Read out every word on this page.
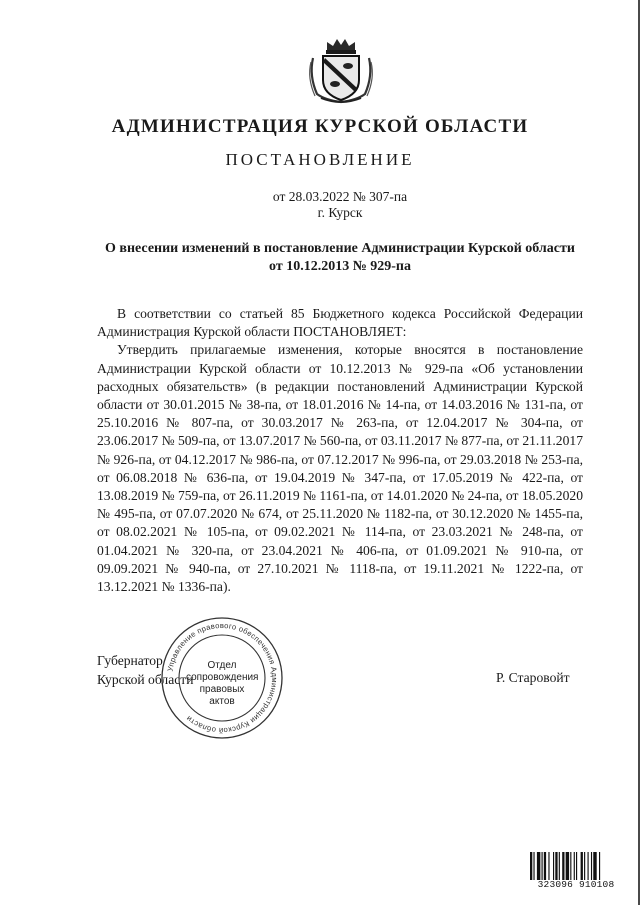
АДМИНИСТРАЦИЯ КУРСКОЙ ОБЛАСТИ
ПОСТАНОВЛЕНИЕ
от 28.03.2022 № 307-па
г. Курск
О внесении изменений в постановление Администрации Курской области от 10.12.2013 № 929-па

В соответствии со статьей 85 Бюджетного кодекса Российской Федерации Администрация Курской области ПОСТАНОВЛЯЕТ:

Утвердить прилагаемые изменения, которые вносятся в постановление Администрации Курской области от 10.12.2013 № 929-па «Об установлении расходных обязательств» (в редакции постановлений Администрации Курской области от 30.01.2015 № 38-па, от 18.01.2016 № 14-па, от 14.03.2016 № 131-па, от 25.10.2016 № 807-па, от 30.03.2017 № 263-па, от 12.04.2017 № 304-па, от 23.06.2017 № 509-па, от 13.07.2017 № 560-па, от 03.11.2017 № 877-па, от 21.11.2017 № 926-па, от 04.12.2017 № 986-па, от 07.12.2017 № 996-па, от 29.03.2018 № 253-па, от 06.08.2018 № 636-па, от 19.04.2019 № 347-па, от 17.05.2019 № 422-па, от 13.08.2019 № 759-па, от 26.11.2019 № 1161-па, от 14.01.2020 № 24-па, от 18.05.2020 № 495-па, от 07.07.2020 № 674, от 25.11.2020 № 1182-па, от 30.12.2020 № 1455-па, от 08.02.2021 № 105-па, от 09.02.2021 № 114-па, от 23.03.2021 № 248-па, от 01.04.2021 № 320-па, от 23.04.2021 № 406-па, от 01.09.2021 № 910-па, от 09.09.2021 № 940-па, от 27.10.2021 № 1118-па, от 19.11.2021 № 1222-па, от 13.12.2021 № 1336-па).

Губернатор
Курской области	Р. Старовойт
Управление правового обеспечения Администрации Курской области
Отдел
сопровождения
правовых
актов
323096 910108
